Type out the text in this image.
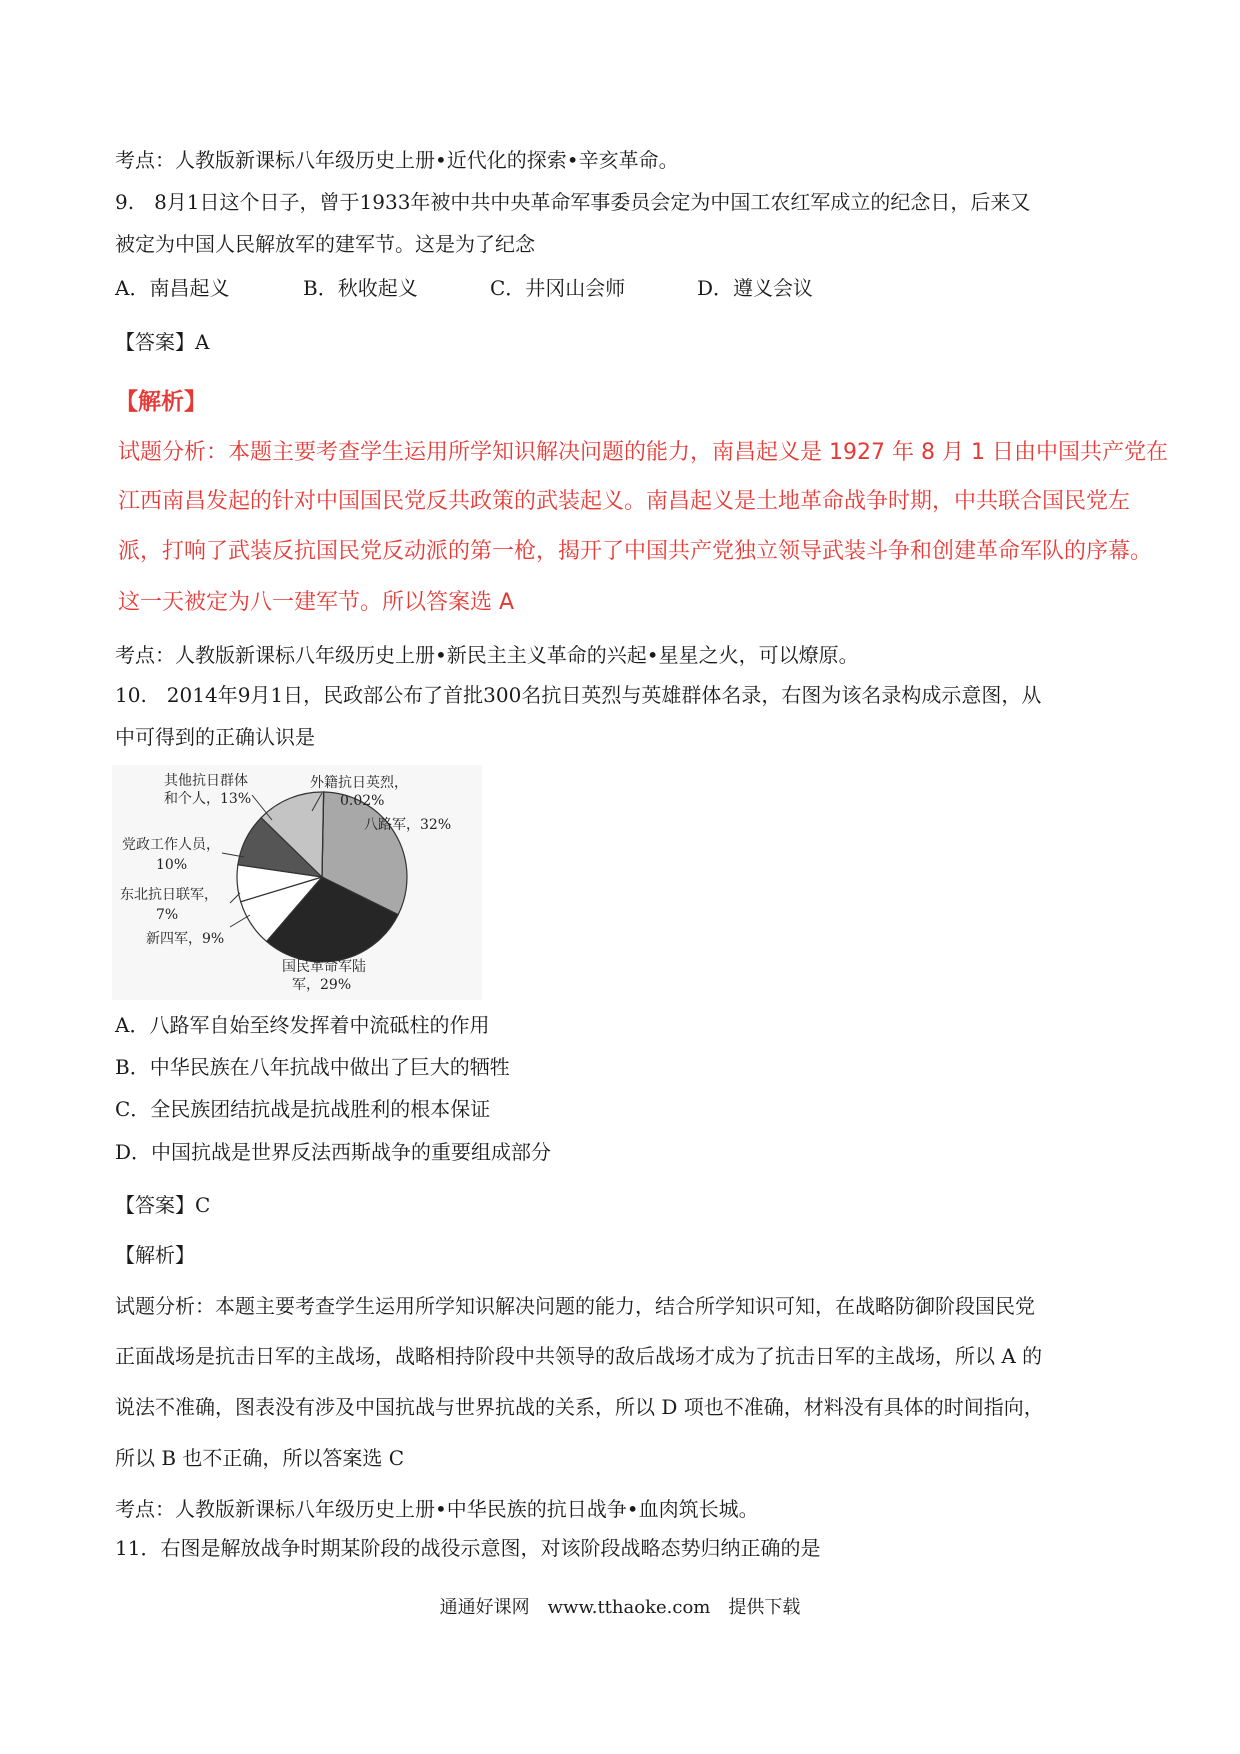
考点：人教版新课标八年级历史上册•近代化的探索•辛亥革命。

9.　8月1日这个日子，曾于1933年被中共中央革命军事委员会定为中国工农红军成立的纪念日，后来又

被定为中国人民解放军的建军节。这是为了纪念

A．南昌起义	B．秋收起义	C．井冈山会师	D．遵义会议

【答案】A

【解析】

试题分析：本题主要考查学生运用所学知识解决问题的能力，南昌起义是 1927 年 8 月 1 日由中国共产党在

江西南昌发起的针对中国国民党反共政策的武装起义。南昌起义是土地革命战争时期，中共联合国民党左

派，打响了武装反抗国民党反动派的第一枪，揭开了中国共产党独立领导武装斗争和创建革命军队的序幕。

这一天被定为八一建军节。所以答案选 A

考点：人教版新课标八年级历史上册•新民主主义革命的兴起•星星之火，可以燎原。

10.　2014年9月1日，民政部公布了首批300名抗日英烈与英雄群体名录，右图为该名录构成示意图，从

中可得到的正确认识是

其他抗日群体
和个人，13%
外籍抗日英烈，
0.02%
八路军，32%
党政工作人员，
10%
东北抗日联军，
7%
新四军，9%
国民革命军陆
军，29%

A．八路军自始至终发挥着中流砥柱的作用

B．中华民族在八年抗战中做出了巨大的牺牲

C．全民族团结抗战是抗战胜利的根本保证

D．中国抗战是世界反法西斯战争的重要组成部分

【答案】C

【解析】

试题分析：本题主要考查学生运用所学知识解决问题的能力，结合所学知识可知，在战略防御阶段国民党

正面战场是抗击日军的主战场，战略相持阶段中共领导的敌后战场才成为了抗击日军的主战场，所以 A 的

说法不准确，图表没有涉及中国抗战与世界抗战的关系，所以 D 项也不准确，材料没有具体的时间指向，

所以 B 也不正确，所以答案选 C

考点：人教版新课标八年级历史上册•中华民族的抗日战争•血肉筑长城。

11．右图是解放战争时期某阶段的战役示意图，对该阶段战略态势归纳正确的是

通通好课网　www.tthaoke.com　提供下载
